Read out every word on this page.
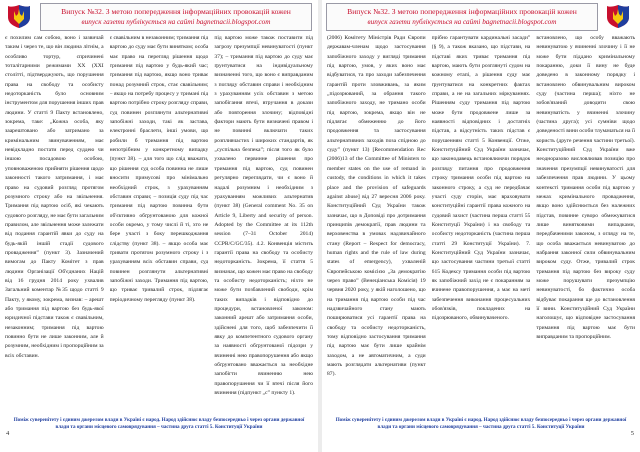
Випуск №32. З метою попередження інформаційних провокацій кожен
випуск газети публікується на сайті bagnetnacii.blogspot.com
є похилим сам собою, воно і зазвичай таким і через те, що він людина літнім, а особливо тортур, спричинені тоталітарними режимами XX (XXI столітті, підтверджують, що порушення права на свободу та особисту недоторканість було основним інструментом для порушення інших прав людини. У статті 9 Пакту встановлено, зокрема, таке: „Кожна особа, яку заарештовано або затримано за кримінальним звинуваченням, має невідкладно постати перед суддею чи іншою посадовою особою, уповноваженою прийняти рішення щодо законності такого затримання, і має право на судовий розгляд протягом розумного строку або на звільнення. Тримання під вартою осіб, які чекають судового розгляду, не має бути загальним правилом, але звільнення може залежати від подання гарантій явки до суду на будь-якій іншій стадії судового провадження” (пункт 3). Зазначений вимогам до Пакту Комітет з прав людини Організації Об'єднаних Націй від 16 грудня 2014 року ухвалив Загальний коментар №35 щодо статті 9 Пакту, у якому, зокрема, визнав: – арешт або тримання під вартою без будь-якої юридичної підстави також є свавільним, незаконним; тримання під вартою повинно бути не лише законним, але й розумним, необхідним і пропорційним за всіх обставин.
є свавільним в незаконним; тримання під вартою до суду має бути винятком; особа має право на перегляд рішення щодо тримання під вартою у будь-який час; тримання під вартою, якщо воно триває понад розумний строк, стає свавільним; – якщо на потребу процесу у тримані під вартою потрібно строку розгляду справи, суд повинен розглянути альтернативні запобіжні заходи, такі як застава, електронні браслети, інші умови, що робили б тримання під вартою непотрібним у конкретному випадку (пункт 38). – для того що слід вважати, що рішення суд особа повинна не лише вносити примусові про мінімально необхідний строк, з урахуванням обставин справи; – позиція суду під час тримання під вартою повинна бути об'єктивно обґрунтованою для кожної особи окремо, у тому числі й ті, хто не бере участі з боку перешкоджання слідству (пункт 38). – якщо особа має тривати протягом розумного строку і з урахуванням всіх обставин справи, суд повинен розглянути альтернативні запобіжні заходи. Тримання під вартою, що триває тривалий строк, підлягає періодичному перегляду (пункт 38).
під вартою може також поставити під загрозу презумпції невинуватості (пункт 37); – тримання під вартою до суду має ґрунтуватися на індивідуальному визначенні того, що воно є виправданим з погляду обставин справи і необхідним з урахуванням усіх обставин з метою запобігання втечі, втручання в докази або повторення злочину; відповідні фактори мають бути визначені правом і не повинні включати таких розпливчастих і широких стандартів, як „суспільна безпека”; після того як було ухвалено первинне рішення про тримання під вартою, суд повинен регулярно переглядати, чи є воно й надалі розумним і необхідним з урахуванням можливих альтернатив (пункт 38) (General comment No. 35 on Article 9, Liberty and security of person. Adopted by the Committee at its 112th session (7–31 October 2014) CCPR/C/GC/35). 4.2. Конвенція містить гарантії права на свободу та особисту недоторканість. Зокрема, її стаття 5 визначає, що кожен має право на свободу та особисту недоторканість; ніхто не може бути позбавлений свободи, крім таких випадків і відповідно до процедури, встановленої законом: законний арешт або затримання особи, здійснені для того, щоб забезпечити її явку до компетентного судового органу за наявності обґрунтованої підозри у вчиненні нею правопорушення або якщо обґрунтовано вважається за необхідне запобігти вчиненню нею правопорушення чи її втечі після його вчинення (підпункт „с” пункту 1).
Поміж суверенітету і єдиним джерелом влади в Україні є народ. Народ здійснює владу безпосередньо і через органи державної влади та органи місцевого самоврядування – частина друга статті 5. Конституції України
4
Випуск №32. З метою попередження інформаційних провокацій кожен
випуск газети публікується на сайті bagnetnacii.blogspot.com
(2006) Комітету Міністрів Ради Європи державам-членам щодо застосування запобіжного заходу у вигляді тримання під вартою, умов, у яких воно має відбуватися, та про заходи забезпечення гарантій проти зловживань, за яким „підозрюваний, за обрання такого запобіжного заходу, не тримано особи під вартою, зокрема, якщо він не підлягає обмеженню до його продовження та застосування альтернативних заходів поза спідною до суду” (пункт 13) [Recommendation Rec (2006)13 of the Committee of Ministers to member states on the use of remand in custody, the conditions in which it takes place and the provision of safeguards against abuse] від 27 вересня 2006 року. Конституційний Суд України також зазначає, що в Доповіді про дотримання принципів демократії, прав людини та верховенства в умовах надзвичайного стану (Report – Respect for democracy, human rights and the rule of law during states of emergency), ухваленій Європейською комісією „За демократію через право” (Венеціанська Комісія) 19 червня 2020 року, у якій наголошено, що на тримання під вартою особи під час надзвичайного стану мають поширюватися усі гарантії права на свободу та особисту недоторканість, тому відповідно застосування тримання під вартою має бути лише крайнім заходом, а не автоматичним, а суди мають розглядати альтернативи (пункт 87).
прібно гарантувати кардинальні засади” (§ 9), а також вказано, що підстави, на підставі яких триває тримання під вартою, мають бути розглянуті судом на кожному етапі, а рішення суду має ґрунтуватися на конкретних фактах справи, а не на загальних міркуваннях. Рішенням суду тримання під вартою може бути продовжене лише за наявності відповідних і достатніх підстав, а відсутність таких підстав є порушенням статті 5 Конвенції. Отже, Конституційний Суд України зазначає, що законодавець встановлюючи порядок розгляду питання про продовження строку тримання особи під вартою на законного строку, а суд не передбачає участі суду сторін, має враховувати конституційні гарантії права кожного на судовий захист (частина перша статті 55 Конституції України) і на свободу та особисту недоторканість (частина перша статті 29 Конституції України). 7. Конституційний Суд України зазначає, що застосування частини третьої статті 615 Кодексу тримання особи під вартою як запобіжний захід не є покаранням за вчинене правопорушення, а має на меті забезпечення виконання процесуальних обов'язків, покладених на підозрюваного, обвинуваченого.
встановлено, що особу вважають невинуватою у вчиненні злочину і її не може бути піддано кримінальному покаранню, доки її вину не буде доведено в законному порядку і встановлено обвинувальним вироком суду (частина перша); ніхто не зобов'язаний доводити свою невинуватість у вчиненні злочину (частина друга); усі сумніви щодо доведеності вини особи тлумачаться на її користь (друге речення частини третьої). Конституційний Суд України вже неодноразово висловлював позицію про значення презумпції невинуватості для забезпечення прав людини. У цьому контексті тримання особи під вартою у межах кримінального провадження, якщо воно здійснюється без належних підстав, повинне суворо обмежуватися лише винятковими випадками, передбаченими законом, з огляду на те, що особа вважається невинуватою до набрання законної сили обвинувальним вироком суду. Отже, тривалий строк тримання під вартою без вироку суду може порушувати презумпцію невинуватості, бо фактично особа відбуває покарання ще до встановлення її вини. Конституційний Суд України наголошує, що відповідне застосування тримання під вартою має бути виправданим та пропорційним.
Поміж суверенітету і єдиним джерелом влади в Україні є народ. Народ здійснює владу безпосередньо і через органи державної влади та органи місцевого самоврядування – частина друга статті 5. Конституції України
5
